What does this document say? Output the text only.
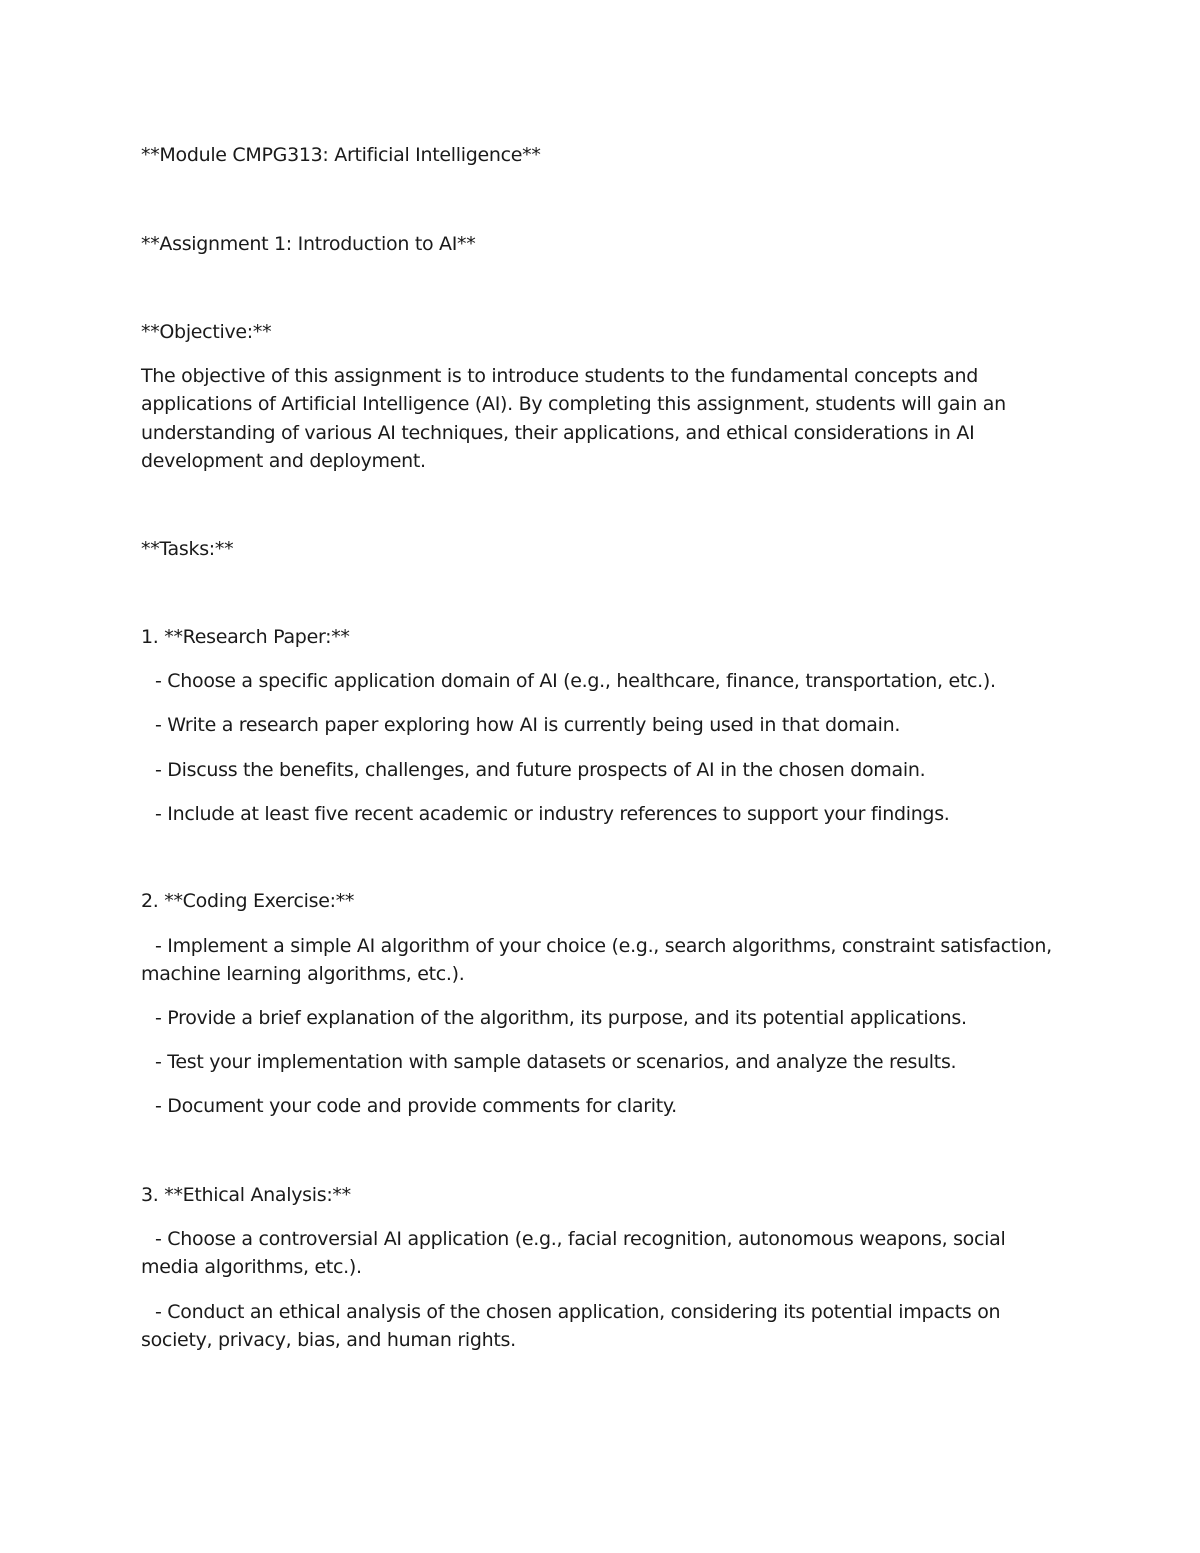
**Module CMPG313: Artificial Intelligence**
**Assignment 1: Introduction to AI**
**Objective:**
The objective of this assignment is to introduce students to the fundamental concepts and
applications of Artificial Intelligence (AI). By completing this assignment, students will gain an
understanding of various AI techniques, their applications, and ethical considerations in AI
development and deployment.
**Tasks:**
1. **Research Paper:**
- Choose a specific application domain of AI (e.g., healthcare, finance, transportation, etc.).
- Write a research paper exploring how AI is currently being used in that domain.
- Discuss the benefits, challenges, and future prospects of AI in the chosen domain.
- Include at least five recent academic or industry references to support your findings.
2. **Coding Exercise:**
- Implement a simple AI algorithm of your choice (e.g., search algorithms, constraint satisfaction,
machine learning algorithms, etc.).
- Provide a brief explanation of the algorithm, its purpose, and its potential applications.
- Test your implementation with sample datasets or scenarios, and analyze the results.
- Document your code and provide comments for clarity.
3. **Ethical Analysis:**
- Choose a controversial AI application (e.g., facial recognition, autonomous weapons, social
media algorithms, etc.).
- Conduct an ethical analysis of the chosen application, considering its potential impacts on
society, privacy, bias, and human rights.
